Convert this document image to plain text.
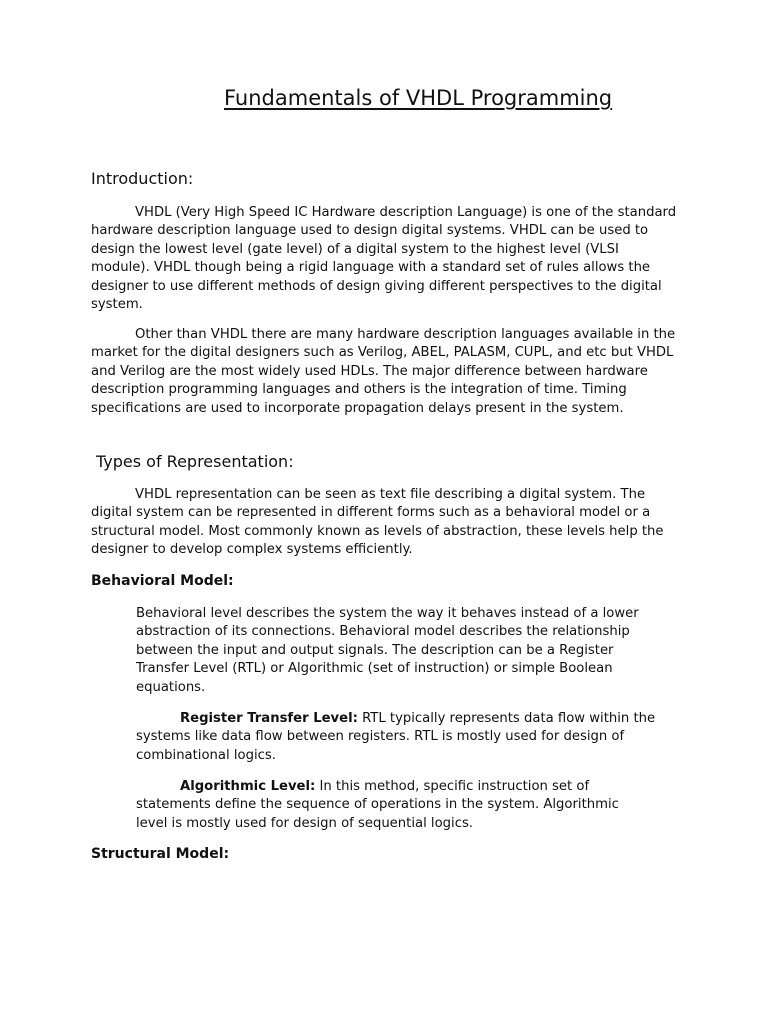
Fundamentals of VHDL Programming
Introduction:

VHDL (Very High Speed IC Hardware description Language) is one of the standard hardware description language used to design digital systems. VHDL can be used to design the lowest level (gate level) of a digital system to the highest level (VLSI module). VHDL though being a rigid language with a standard set of rules allows the designer to use different methods of design giving different perspectives to the digital system.

Other than VHDL there are many hardware description languages available in the market for the digital designers such as Verilog, ABEL, PALASM, CUPL, and etc but VHDL and Verilog are the most widely used HDLs. The major difference between hardware description programming languages and others is the integration of time. Timing specifications are used to incorporate propagation delays present in the system.

Types of Representation:

VHDL representation can be seen as text file describing a digital system. The digital system can be represented in different forms such as a behavioral model or a structural model. Most commonly known as levels of abstraction, these levels help the designer to develop complex systems efficiently.

Behavioral Model:

Behavioral level describes the system the way it behaves instead of a lower abstraction of its connections. Behavioral model describes the relationship between the input and output signals. The description can be a Register Transfer Level (RTL) or Algorithmic (set of instruction) or simple Boolean equations.

Register Transfer Level: RTL typically represents data flow within the systems like data flow between registers. RTL is mostly used for design of combinational logics.

Algorithmic Level: In this method, specific instruction set of statements define the sequence of operations in the system. Algorithmic level is mostly used for design of sequential logics.

Structural Model:
